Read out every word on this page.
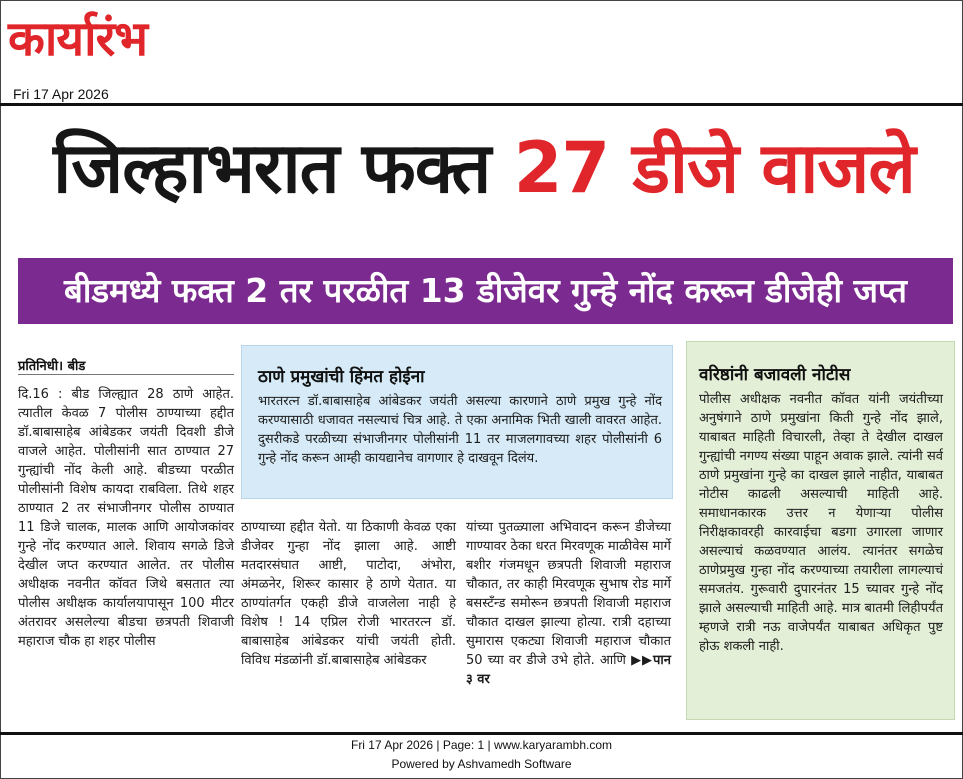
कार्यारंभ
Fri 17 Apr 2026
जिल्हाभरात फक्त 27 डीजे वाजले
बीडमध्ये फक्त 2 तर परळीत 13 डीजेवर गुन्हे नोंद करून डीजेही जप्त
प्रतिनिधी। बीड
दि.16 : बीड जिल्ह्यात 28 ठाणे आहेत. त्यातील केवळ 7 पोलीस ठाण्याच्या हद्दीत डॉ.बाबासाहेब आंबेडकर जयंती दिवशी डीजे वाजले आहेत. पोलीसांनी सात ठाण्यात 27 गुन्ह्यांची नोंद केली आहे. बीडच्या परळीत पोलीसांनी विशेष कायदा राबविला. तिथे शहर ठाण्यात 2 तर संभाजीनगर पोलीस ठाण्यात 11 डिजे चालक, मालक आणि आयोजकांवर गुन्हे नोंद करण्यात आले. शिवाय सगळे डिजे देखील जप्त करण्यात आलेत. तर पोलीस अधीक्षक नवनीत कॉवत जिथे बसतात त्या पोलीस अधीक्षक कार्यालयापासून 100 मीटर अंतरावर असलेल्या बीडचा छत्रपती शिवाजी महाराज चौक हा शहर पोलीस
ठाणे प्रमुखांची हिंमत होईना

भारतरत्न डॉ.बाबासाहेब आंबेडकर जयंती असल्या कारणाने ठाणे प्रमुख गुन्हे नोंद करण्यासाठी धजावत नसल्याचं चित्र आहे. ते एका अनामिक भिती खाली वावरत आहेत. दुसरीकडे परळीच्या संभाजीनगर पोलीसांनी 11 तर माजलगावच्या शहर पोलीसांनी 6 गुन्हे नोंद करून आम्ही कायद्यानेच वागणार हे दाखवून दिलंय.

ठाण्याच्या हद्दीत येतो. या ठिकाणी केवळ एका डीजेवर गुन्हा नोंद झाला आहे. आष्टी मतदारसंघात आष्टी, पाटोदा, अंभोरा, अंमळनेर, शिरूर कासार हे ठाणे येतात. या ठाण्यांतर्गत एकही डीजे वाजलेला नाही हे विशेष ! 14 एप्रिल रोजी भारतरत्न डॉ. बाबासाहेब आंबेडकर यांची जयंती होती. विविध मंडळांनी डॉ.बाबासाहेब आंबेडकर
यांच्या पुतळ्याला अभिवादन करून डीजेच्या गाण्यावर ठेका धरत मिरवणूक माळीवेस मार्गे बशीर गंजमधून छत्रपती शिवाजी महाराज चौकात, तर काही मिरवणूक सुभाष रोड मार्गे बसस्टँन्ड समोरून छत्रपती शिवाजी महाराज चौकात दाखल झाल्या होत्या. रात्री दहाच्या सुमारास एकट्या शिवाजी महाराज चौकात 50 च्या वर डीजे उभे होते. आणि ▶▶पान ३ वर
वरिष्ठांनी बजावली नोटीस

पोलीस अधीक्षक नवनीत कॉवत यांनी जयंतीच्या अनुषंगाने ठाणे प्रमुखांना किती गुन्हे नोंद झाले, याबाबत माहिती विचारली, तेव्हा ते देखील दाखल गुन्ह्यांची नगण्य संख्या पाहून अवाक झाले. त्यांनी सर्व ठाणे प्रमुखांना गुन्हे का दाखल झाले नाहीत, याबाबत नोटीस काढली असल्याची माहिती आहे. समाधानकारक उत्तर न येणाऱ्या पोलीस निरीक्षकावरही कारवाईचा बडगा उगारला जाणार असल्याचं कळवण्यात आलंय. त्यानंतर सगळेच ठाणेप्रमुख गुन्हा नोंद करण्याच्या तयारीला लागल्याचं समजतंय. गुरूवारी दुपारनंतर 15 च्यावर गुन्हे नोंद झाले असल्याची माहिती आहे. मात्र बातमी लिहीपर्यंत म्हणजे रात्री नऊ वाजेपर्यंत याबाबत अधिकृत पुष्ट होऊ शकली नाही.

Fri 17 Apr 2026 | Page: 1 | www.karyarambh.com
Powered by Ashvamedh Software
